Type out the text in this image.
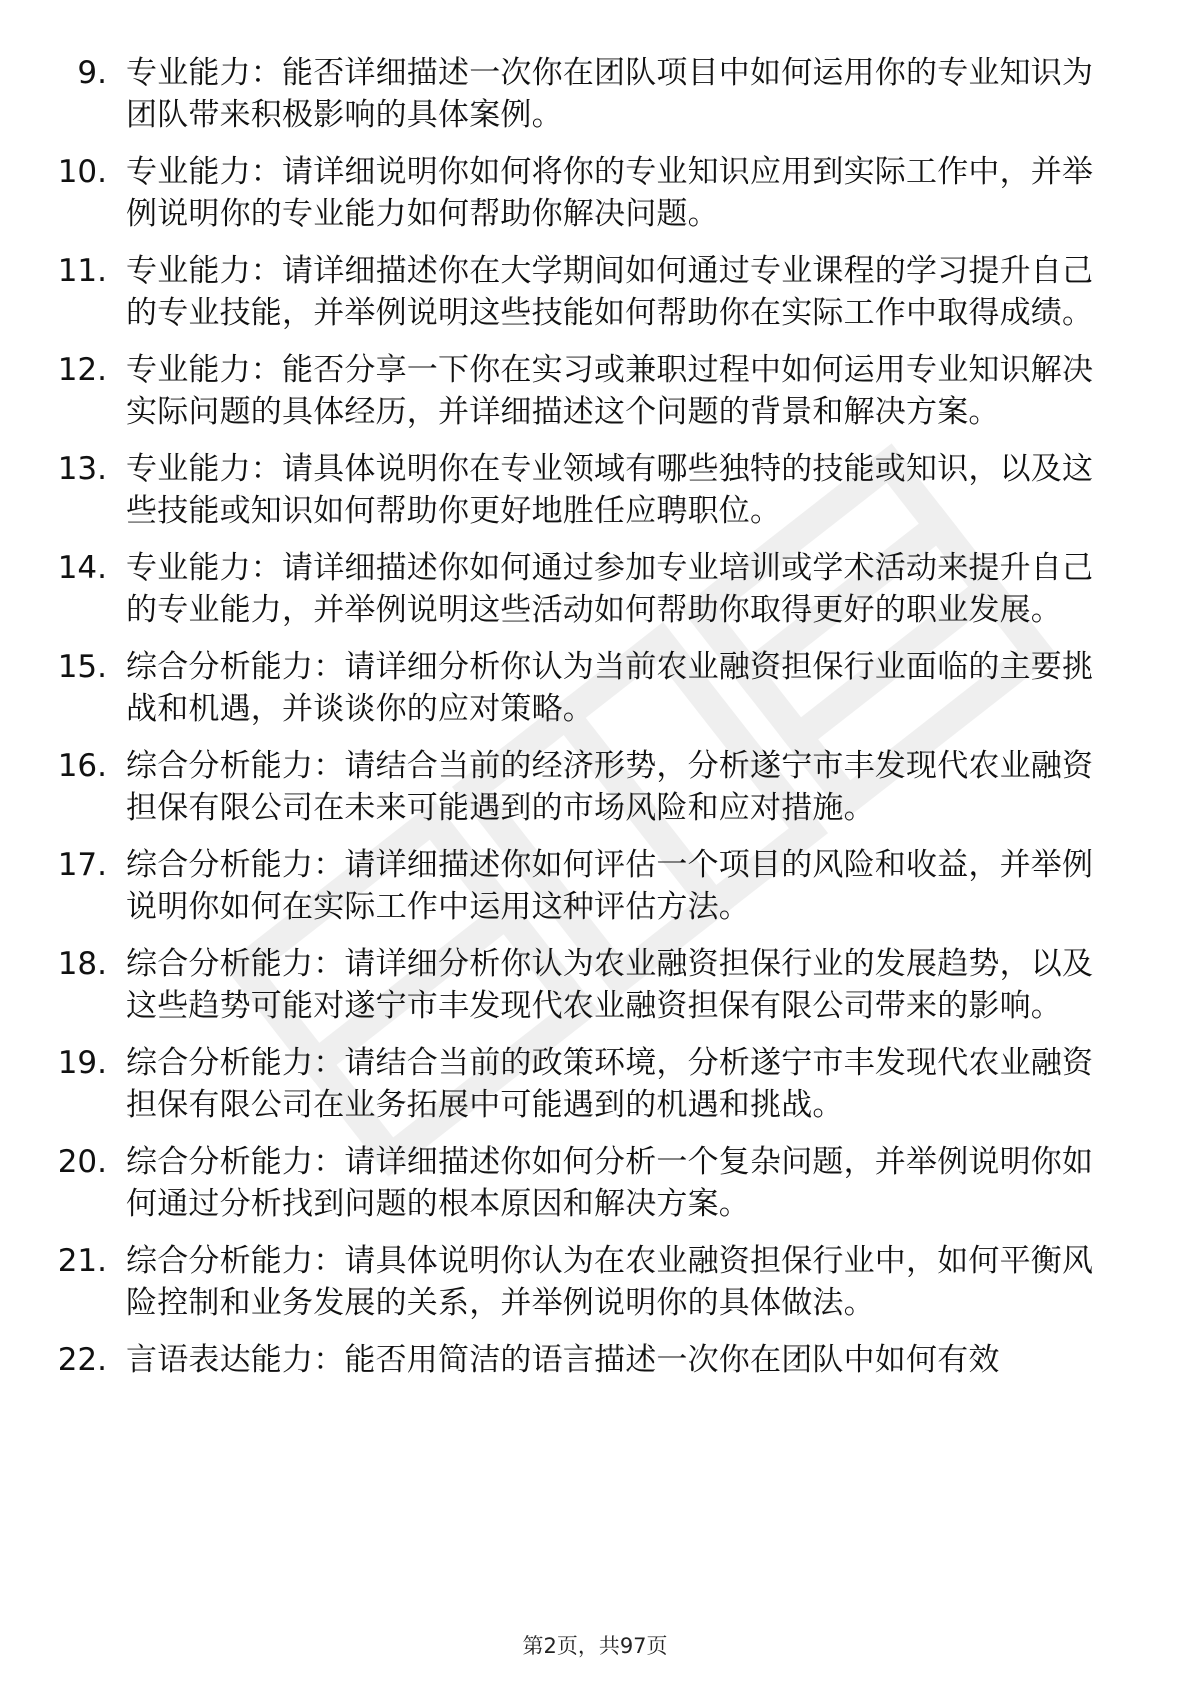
9. 专业能力：能否详细描述一次你在团队项目中如何运用你的专业知识为团队带来积极影响的具体案例。
10. 专业能力：请详细说明你如何将你的专业知识应用到实际工作中，并举例说明你的专业能力如何帮助你解决问题。
11. 专业能力：请详细描述你在大学期间如何通过专业课程的学习提升自己的专业技能，并举例说明这些技能如何帮助你在实际工作中取得成绩。
12. 专业能力：能否分享一下你在实习或兼职过程中如何运用专业知识解决实际问题的具体经历，并详细描述这个问题的背景和解决方案。
13. 专业能力：请具体说明你在专业领域有哪些独特的技能或知识，以及这些技能或知识如何帮助你更好地胜任应聘职位。
14. 专业能力：请详细描述你如何通过参加专业培训或学术活动来提升自己的专业能力，并举例说明这些活动如何帮助你取得更好的职业发展。
15. 综合分析能力：请详细分析你认为当前农业融资担保行业面临的主要挑战和机遇，并谈谈你的应对策略。
16. 综合分析能力：请结合当前的经济形势，分析遂宁市丰发现代农业融资担保有限公司在未来可能遇到的市场风险和应对措施。
17. 综合分析能力：请详细描述你如何评估一个项目的风险和收益，并举例说明你如何在实际工作中运用这种评估方法。
18. 综合分析能力：请详细分析你认为农业融资担保行业的发展趋势，以及这些趋势可能对遂宁市丰发现代农业融资担保有限公司带来的影响。
19. 综合分析能力：请结合当前的政策环境，分析遂宁市丰发现代农业融资担保有限公司在业务拓展中可能遇到的机遇和挑战。
20. 综合分析能力：请详细描述你如何分析一个复杂问题，并举例说明你如何通过分析找到问题的根本原因和解决方案。
21. 综合分析能力：请具体说明你认为在农业融资担保行业中，如何平衡风险控制和业务发展的关系，并举例说明你的具体做法。
22. 言语表达能力：能否用简洁的语言描述一次你在团队中如何有效
第2页，共97页
